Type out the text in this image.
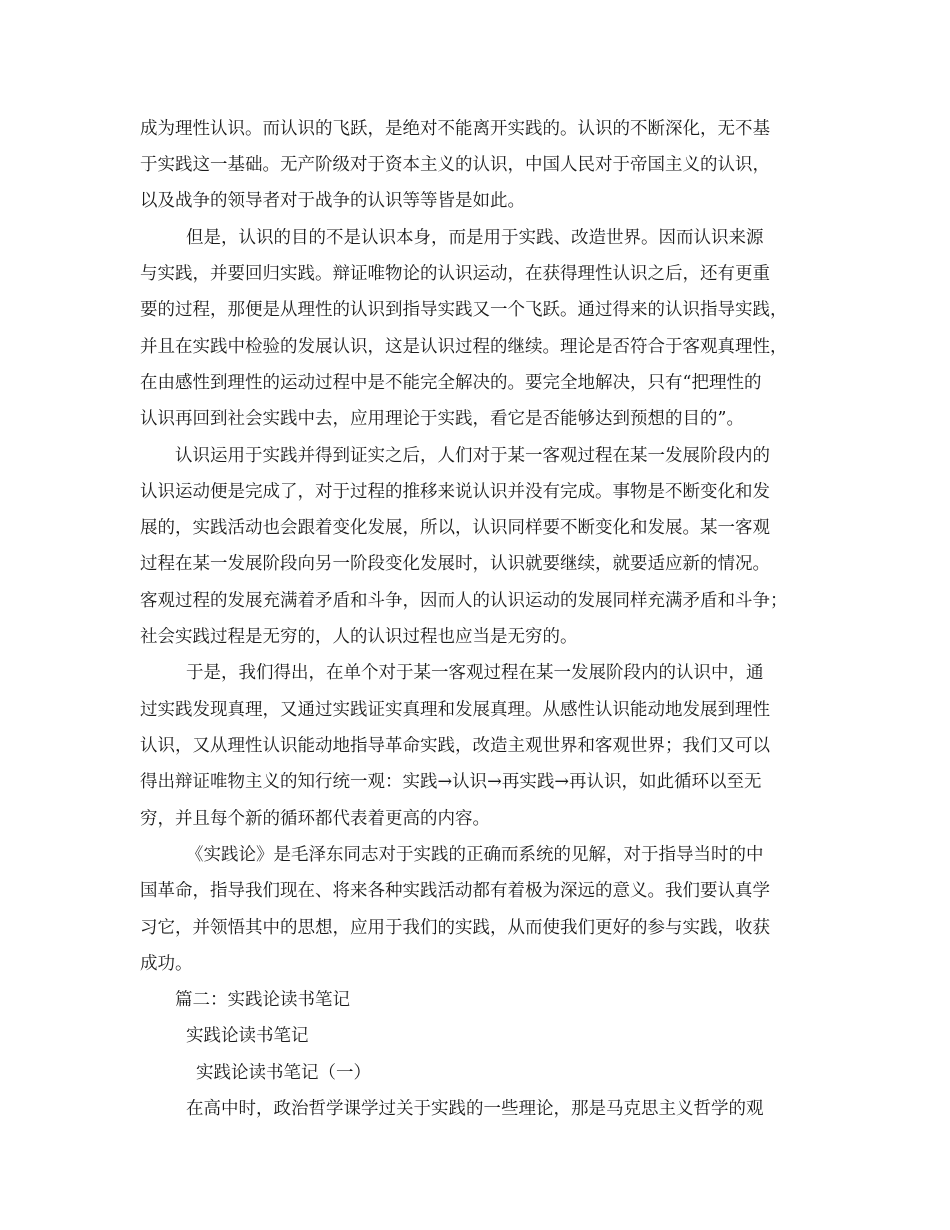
成为理性认识。而认识的飞跃，是绝对不能离开实践的。认识的不断深化，无不基

于实践这一基础。无产阶级对于资本主义的认识，中国人民对于帝国主义的认识，

以及战争的领导者对于战争的认识等等皆是如此。

但是，认识的目的不是认识本身，而是用于实践、改造世界。因而认识来源

与实践，并要回归实践。辩证唯物论的认识运动，在获得理性认识之后，还有更重

要的过程，那便是从理性的认识到指导实践又一个飞跃。通过得来的认识指导实践，

并且在实践中检验的发展认识，这是认识过程的继续。理论是否符合于客观真理性，

在由感性到理性的运动过程中是不能完全解决的。要完全地解决，只有“把理性的

认识再回到社会实践中去，应用理论于实践，看它是否能够达到预想的目的”。

认识运用于实践并得到证实之后，人们对于某一客观过程在某一发展阶段内的

认识运动便是完成了，对于过程的推移来说认识并没有完成。事物是不断变化和发

展的，实践活动也会跟着变化发展，所以，认识同样要不断变化和发展。某一客观

过程在某一发展阶段向另一阶段变化发展时，认识就要继续，就要适应新的情况。

客观过程的发展充满着矛盾和斗争，因而人的认识运动的发展同样充满矛盾和斗争；

社会实践过程是无穷的，人的认识过程也应当是无穷的。

于是，我们得出，在单个对于某一客观过程在某一发展阶段内的认识中，通

过实践发现真理，又通过实践证实真理和发展真理。从感性认识能动地发展到理性

认识，又从理性认识能动地指导革命实践，改造主观世界和客观世界；我们又可以

得出辩证唯物主义的知行统一观：实践→认识→再实践→再认识，如此循环以至无

穷，并且每个新的循环都代表着更高的内容。

《实践论》是毛泽东同志对于实践的正确而系统的见解，对于指导当时的中

国革命，指导我们现在、将来各种实践活动都有着极为深远的意义。我们要认真学

习它，并领悟其中的思想，应用于我们的实践，从而使我们更好的参与实践，收获

成功。

篇二：实践论读书笔记

实践论读书笔记

实践论读书笔记（一）

在高中时，政治哲学课学过关于实践的一些理论，那是马克思主义哲学的观
